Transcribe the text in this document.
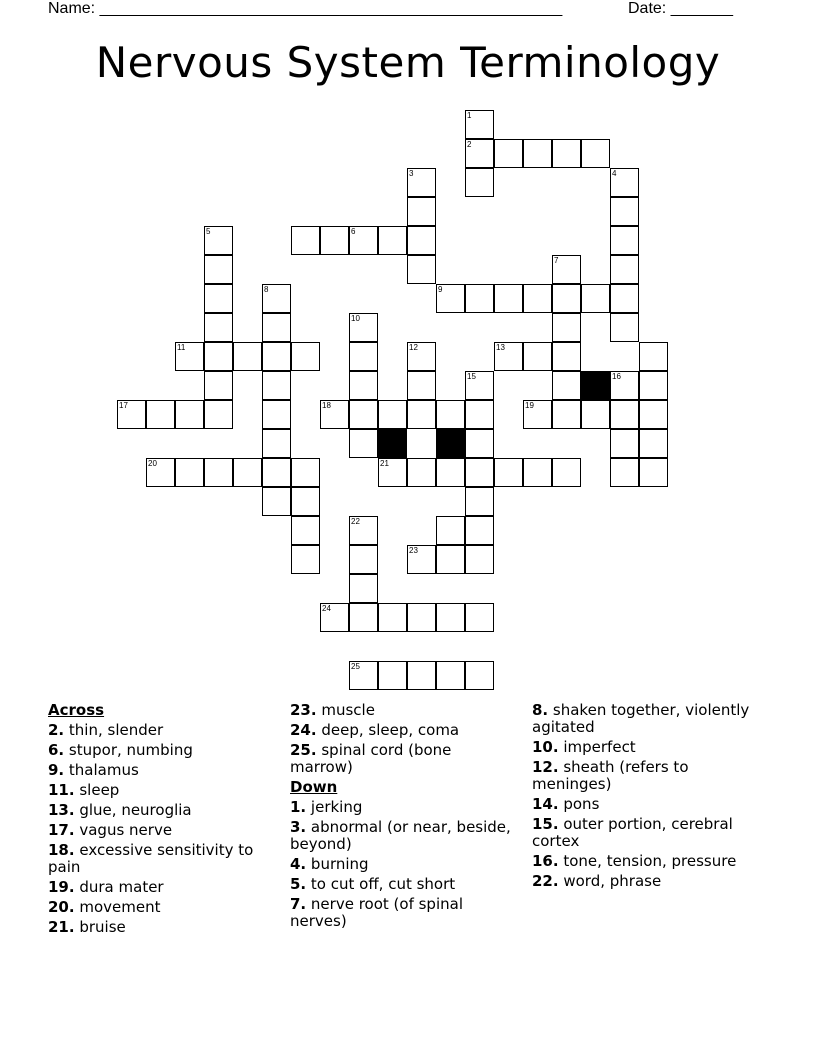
Name: ____________________________________________________	Date: _______
Nervous System Terminology
2
6
9
11	13
17	18	19
20	21
23
24
25
1
3	4
5
7
8
10
12
15	16
22
Across
2. thin, slender
6. stupor, numbing
9. thalamus
11. sleep
13. glue, neuroglia
17. vagus nerve
18. excessive sensitivity to pain
19. dura mater
20. movement
21. bruise
23. muscle
24. deep, sleep, coma
25. spinal cord (bone marrow)
Down
1. jerking
3. abnormal (or near, beside, beyond)
4. burning
5. to cut off, cut short
7. nerve root (of spinal nerves)
8. shaken together, violently agitated
10. imperfect
12. sheath (refers to meninges)
14. pons
15. outer portion, cerebral cortex
16. tone, tension, pressure
22. word, phrase
